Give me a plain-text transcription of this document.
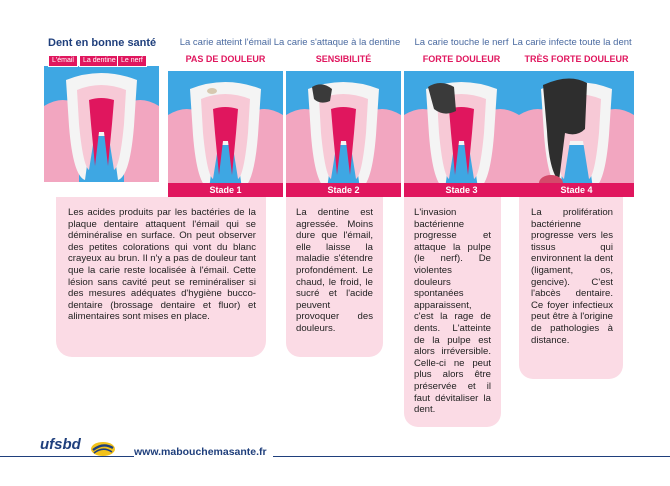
Dent en bonne santé	La carie atteint l'émail La carie s'attaque à la dentine	La carie touche le nerf La carie infecte toute la dent
PAS DE DOULEUR	SENSIBILITÉ	FORTE DOULEUR	TRÈS FORTE DOULEUR
L'émail	La dentine Le nerf
Stade 1	Stade 2	Stade 3	Stade 4

Les acides produits par les bactéries de la plaque dentaire attaquent l'émail qui se déminéralise en surface. On peut observer des petites colorations qui vont du blanc crayeux au brun. Il n'y a pas de douleur tant que la carie reste localisée à l'émail. Cette lésion sans cavité peut se reminéraliser si des mesures adéquates d'hygiène bucco-dentaire (brossage dentaire et fluor) et alimentaires sont mises en place.

La dentine est agressée. Moins dure que l'émail, elle laisse la maladie s'étendre profondément. Le chaud, le froid, le sucré et l'acide peuvent provoquer des douleurs.

L'invasion bactérienne progresse et attaque la pulpe (le nerf). De violentes douleurs spontanées apparaissent, c'est la rage de dents. L'atteinte de la pulpe est alors irréversible. Celle-ci ne peut plus alors être préservée et il faut dévitaliser la dent.

La prolifération bactérienne progresse vers les tissus qui environnent la dent (ligament, os, gencive). C'est l'abcès dentaire. Ce foyer infectieux peut être à l'origine de pathologies à distance.

ufsbd	www.mabouchemasante.fr
